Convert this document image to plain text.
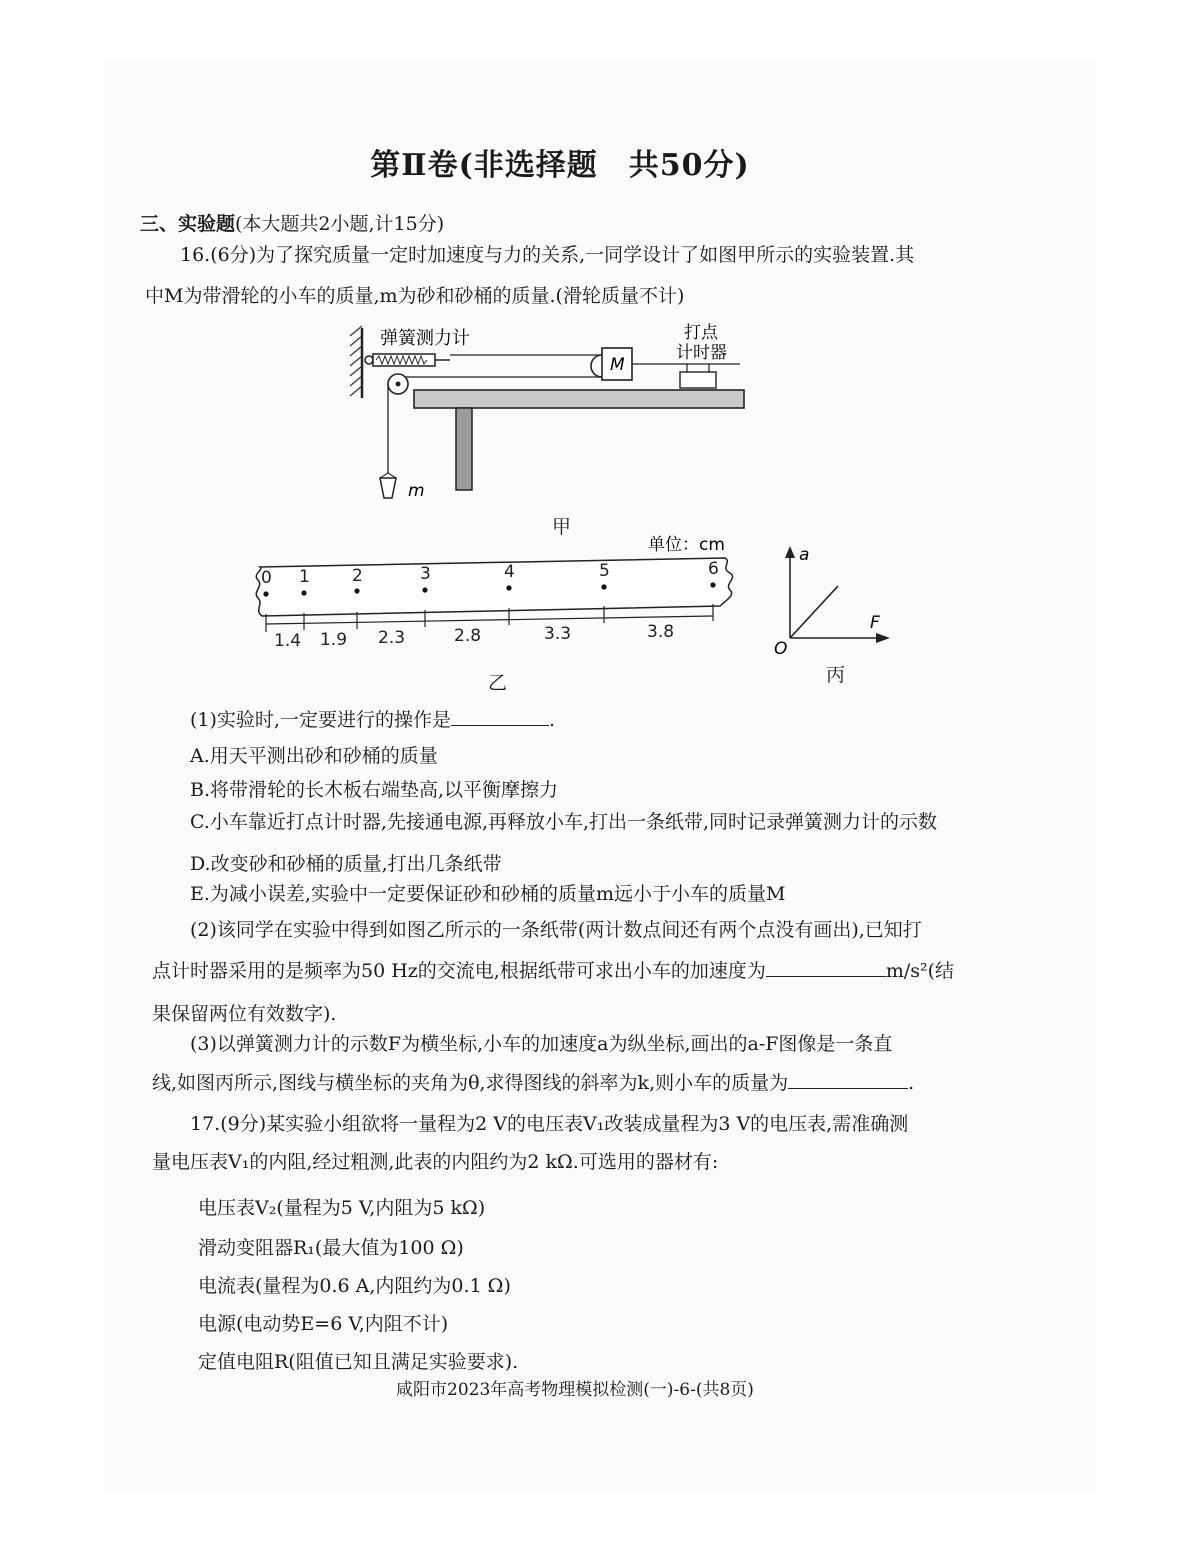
第Ⅱ卷(非选择题　共50分)
三、实验题(本大题共2小题,计15分)
16.(6分)为了探究质量一定时加速度与力的关系,一同学设计了如图甲所示的实验装置.其
中M为带滑轮的小车的质量,m为砂和砂桶的质量.(滑轮质量不计)
弹簧测力计
M
打点
计时器
m
甲
单位：cm
0 1 2	3	4	5	6
1.4 1.9 2.3	2.8	3.3	3.8
乙
a
F
O
丙
(1)实验时,一定要进行的操作是	.
A.用天平测出砂和砂桶的质量
B.将带滑轮的长木板右端垫高,以平衡摩擦力
C.小车靠近打点计时器,先接通电源,再释放小车,打出一条纸带,同时记录弹簧测力计的示数
D.改变砂和砂桶的质量,打出几条纸带
E.为减小误差,实验中一定要保证砂和砂桶的质量m远小于小车的质量M
(2)该同学在实验中得到如图乙所示的一条纸带(两计数点间还有两个点没有画出),已知打
点计时器采用的是频率为50 Hz的交流电,根据纸带可求出小车的加速度为	m/s²(结
果保留两位有效数字).
(3)以弹簧测力计的示数F为横坐标,小车的加速度a为纵坐标,画出的a-F图像是一条直
线,如图丙所示,图线与横坐标的夹角为θ,求得图线的斜率为k,则小车的质量为	.
17.(9分)某实验小组欲将一量程为2 V的电压表V₁改装成量程为3 V的电压表,需准确测
量电压表V₁的内阻,经过粗测,此表的内阻约为2 kΩ.可选用的器材有:
电压表V₂(量程为5 V,内阻为5 kΩ)
滑动变阻器R₁(最大值为100 Ω)
电流表(量程为0.6 A,内阻约为0.1 Ω)
电源(电动势E=6 V,内阻不计)
定值电阻R(阻值已知且满足实验要求).
咸阳市2023年高考物理模拟检测(一)-6-(共8页)
